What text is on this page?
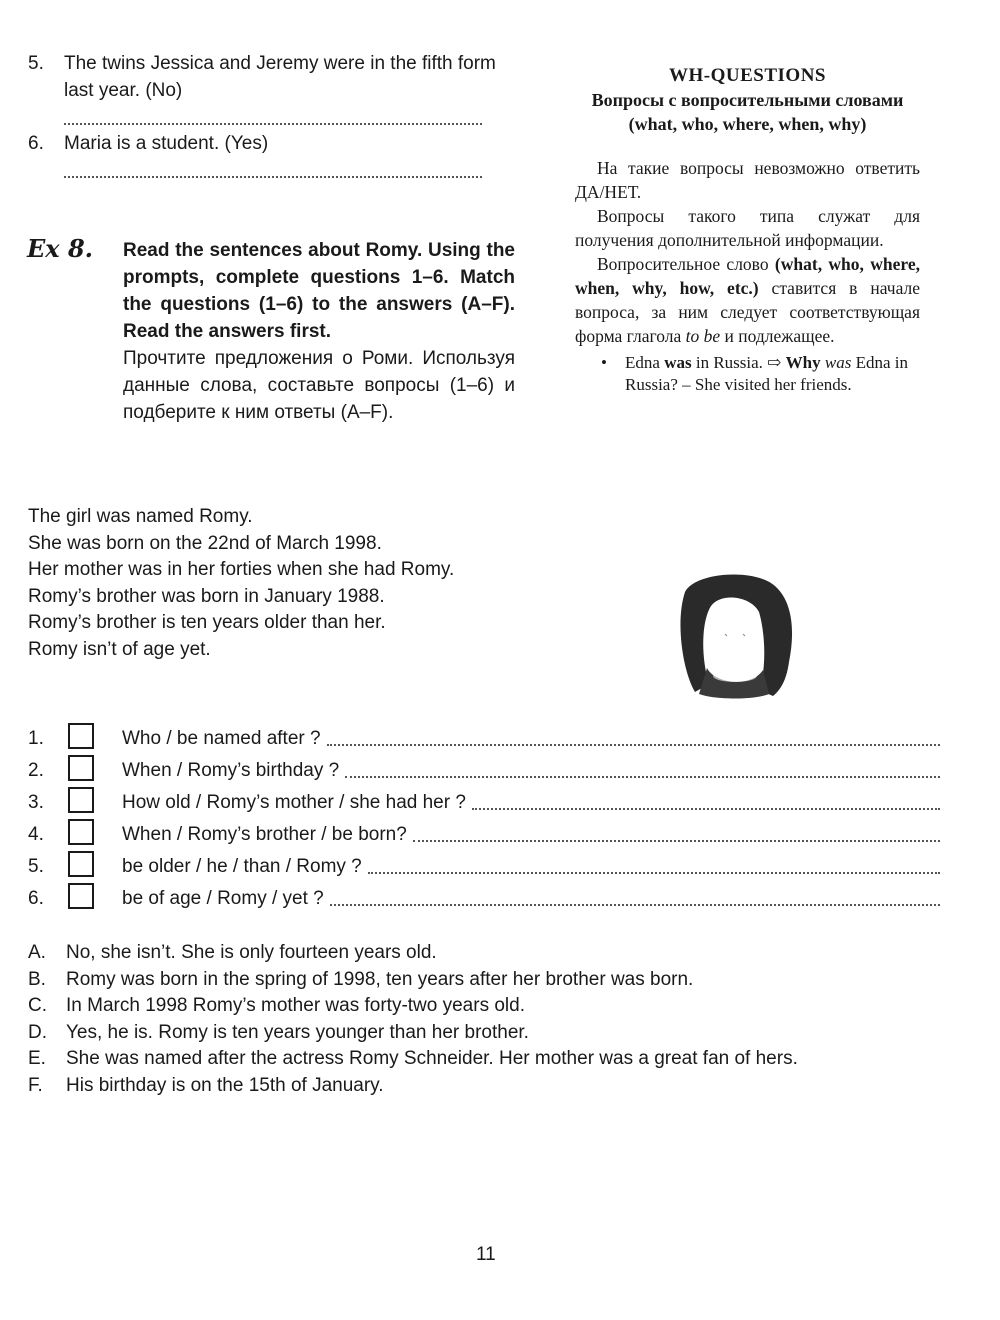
5. The twins Jessica and Jeremy were in the fifth form last year. (No)
6. Maria is a student. (Yes)
Ex 8. Read the sentences about Romy. Using the prompts, complete questions 1–6. Match the questions (1–6) to the answers (A–F). Read the answers first.
Прочтите предложения о Роми. Используя данные слова, составьте вопросы (1–6) и подберите к ним ответы (A–F).
WH-QUESTIONS
Вопросы с вопросительными словами (what, who, where, when, why)

На такие вопросы невозможно ответить ДА/НЕТ.

Вопросы такого типа служат для получения дополнительной информации.

Вопросительное слово (what, who, where, when, why, how, etc.) ставится в начале вопроса, за ним следует соответствующая форма глагола to be и подлежащее.

• Edna was in Russia. ⇨ Why was Edna in Russia? – She visited her friends.
The girl was named Romy.
She was born on the 22nd of March 1998.
Her mother was in her forties when she had Romy.
Romy’s brother was born in January 1988.
Romy’s brother is ten years older than her.
Romy isn’t of age yet.
1.	Who / be named after ?
2.	When / Romy’s birthday ?
3.	How old / Romy’s mother / she had her ?
4.	When / Romy’s brother / be born?
5.	be older / he / than / Romy ?
6.	be of age / Romy / yet ?
A. No, she isn’t. She is only fourteen years old.
B. Romy was born in the spring of 1998, ten years after her brother was born.
C. In March 1998 Romy’s mother was forty-two years old.
D. Yes, he is. Romy is ten years younger than her brother.
E. She was named after the actress Romy Schneider. Her mother was a great fan of hers.
F. His birthday is on the 15th of January.
11
